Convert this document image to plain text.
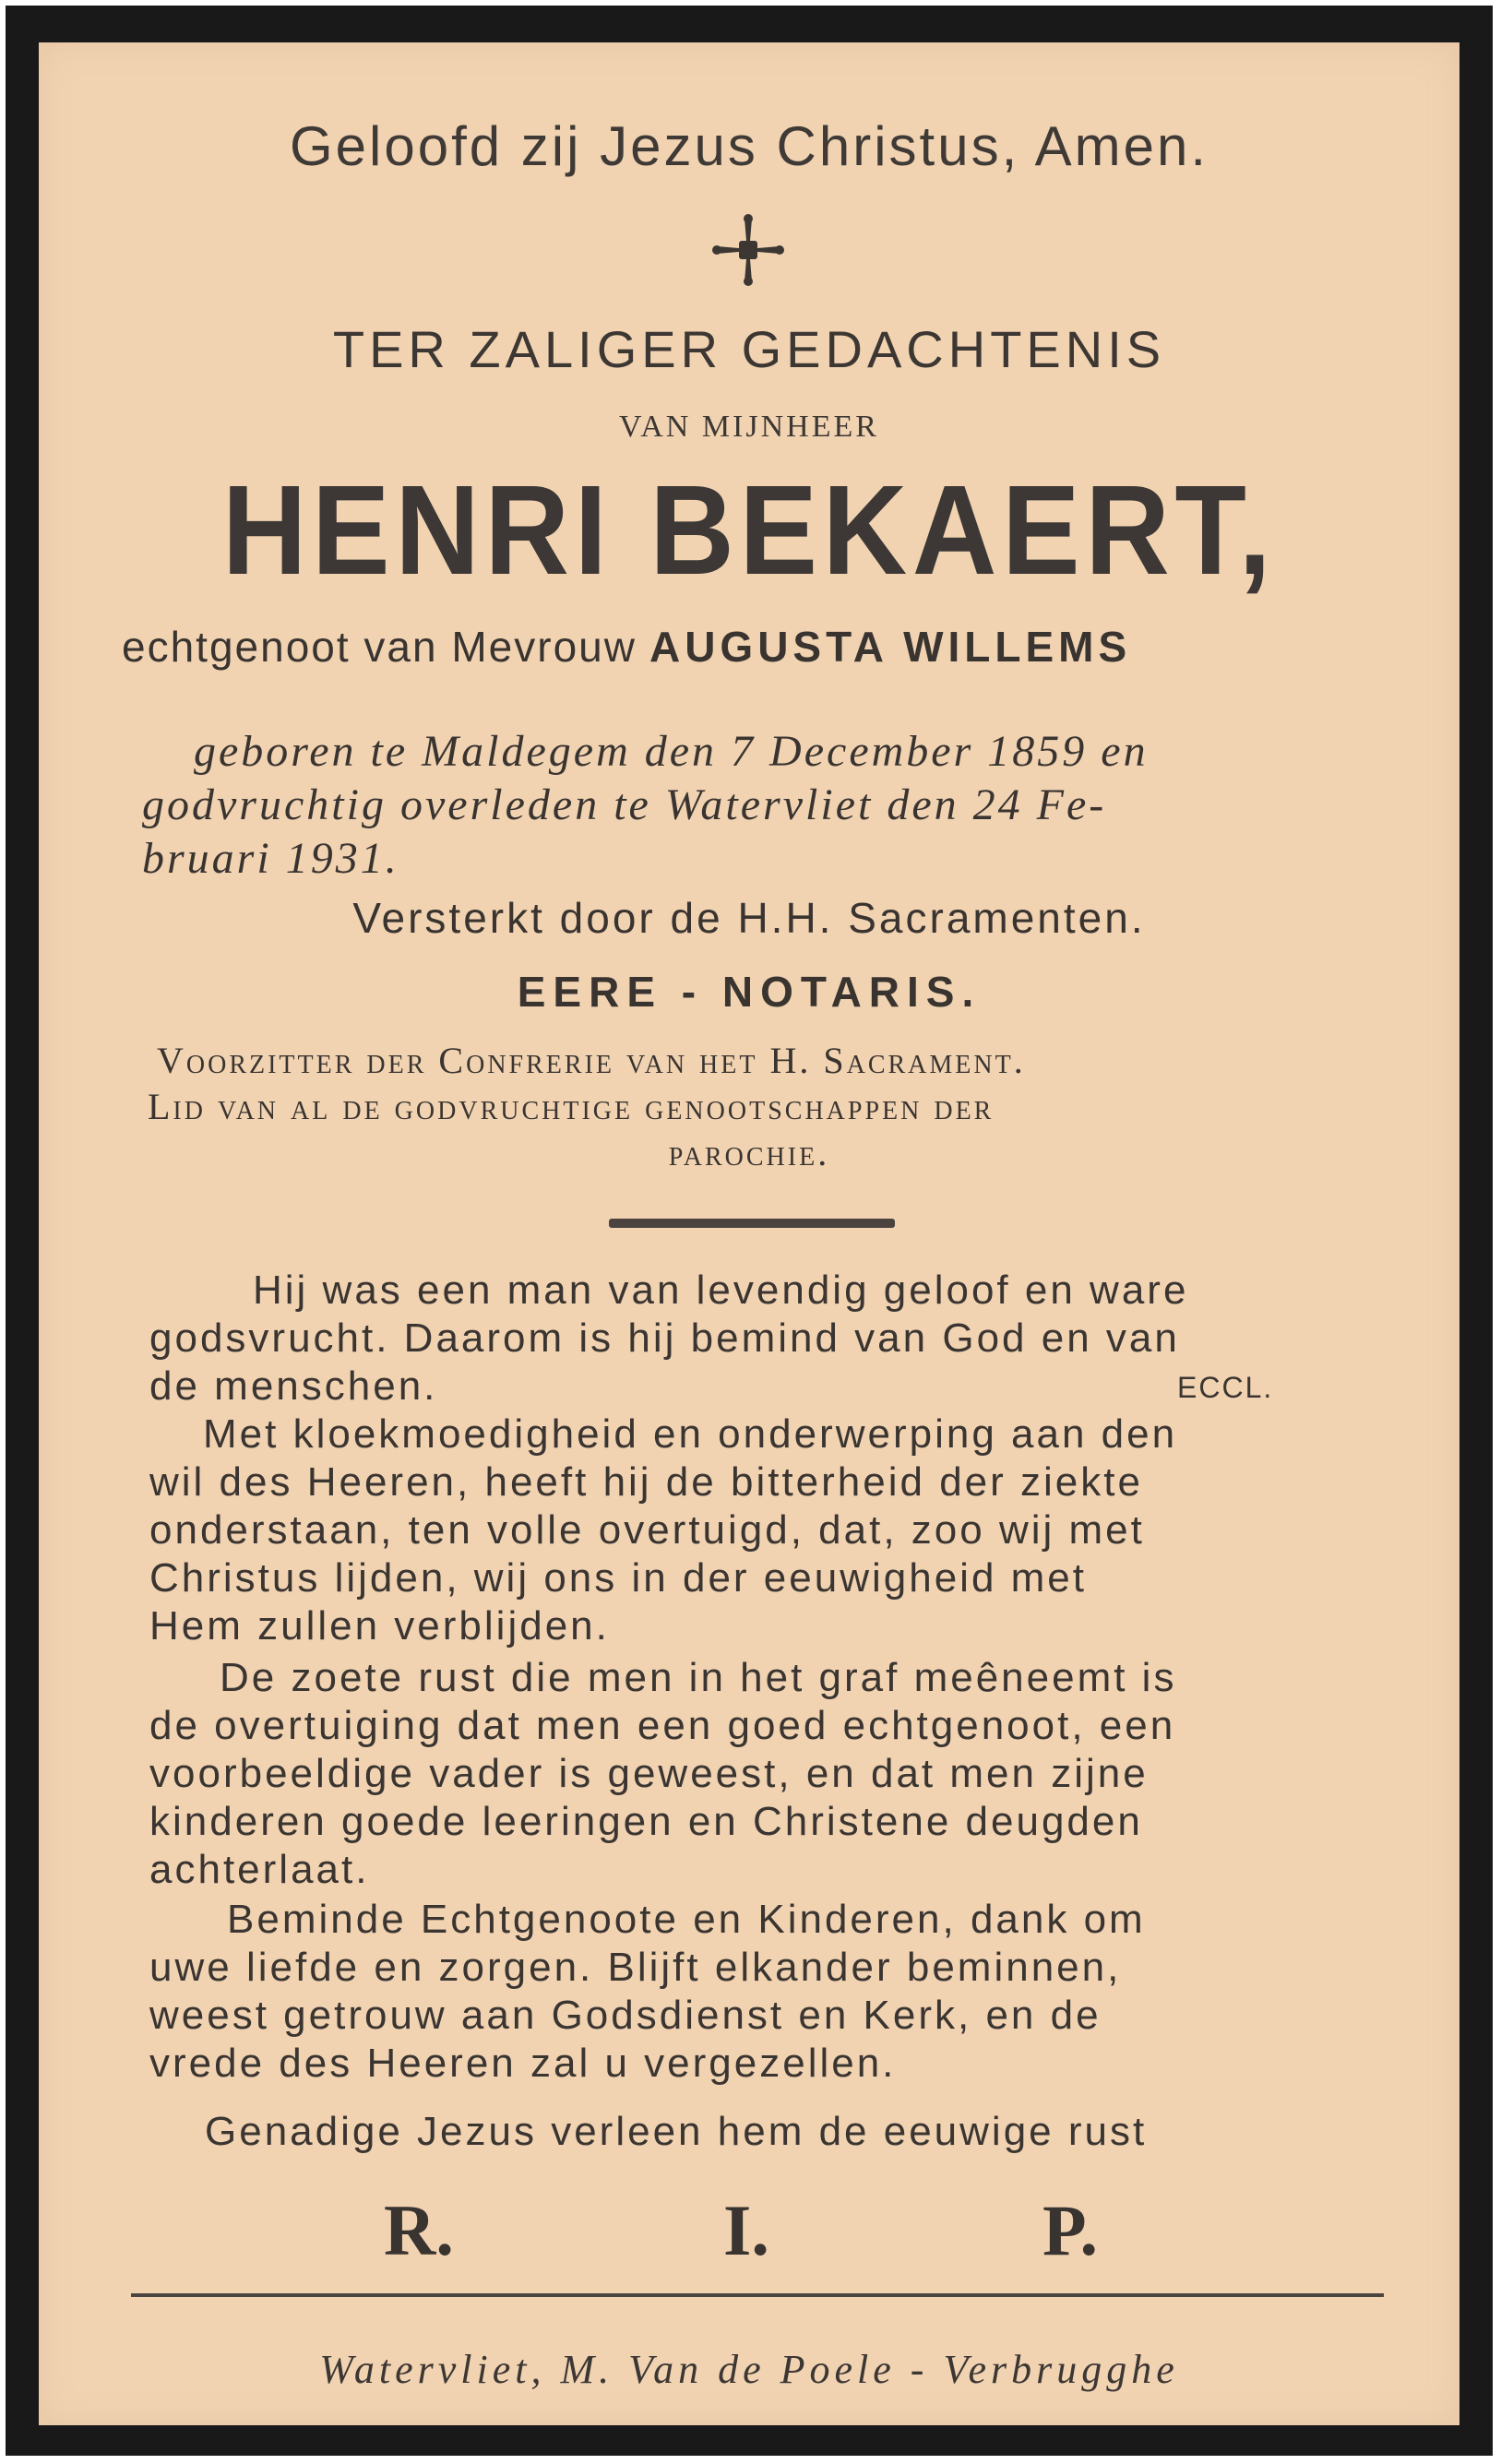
Geloofd zij Jezus Christus, Amen.
TER ZALIGER GEDACHTENIS
VAN MIJNHEER
HENRI BEKAERT,
echtgenoot van Mevrouw AUGUSTA WILLEMS
geboren te Maldegem den 7 December 1859 en
godvruchtig overleden te Watervliet den 24 Fe-
bruari 1931.
Versterkt door de H.H. Sacramenten.
EERE - NOTARIS.
Voorzitter der Confrerie van het H. Sacrament.
Lid van al de godvruchtige genootschappen der
parochie.
Hij was een man van levendig geloof en ware
godsvrucht. Daarom is hij bemind van God en van
de menschen.	ECCL.
Met kloekmoedigheid en onderwerping aan den
wil des Heeren, heeft hij de bitterheid der ziekte
onderstaan, ten volle overtuigd, dat, zoo wij met
Christus lijden, wij ons in der eeuwigheid met
Hem zullen verblijden.
De zoete rust die men in het graf meêneemt is
de overtuiging dat men een goed echtgenoot, een
voorbeeldige vader is geweest, en dat men zijne
kinderen goede leeringen en Christene deugden
achterlaat.
Beminde Echtgenoote en Kinderen, dank om
uwe liefde en zorgen. Blijft elkander beminnen,
weest getrouw aan Godsdienst en Kerk, en de
vrede des Heeren zal u vergezellen.
Genadige Jezus verleen hem de eeuwige rust
R.	I.	P.
Watervliet, M. Van de Poele - Verbrugghe
